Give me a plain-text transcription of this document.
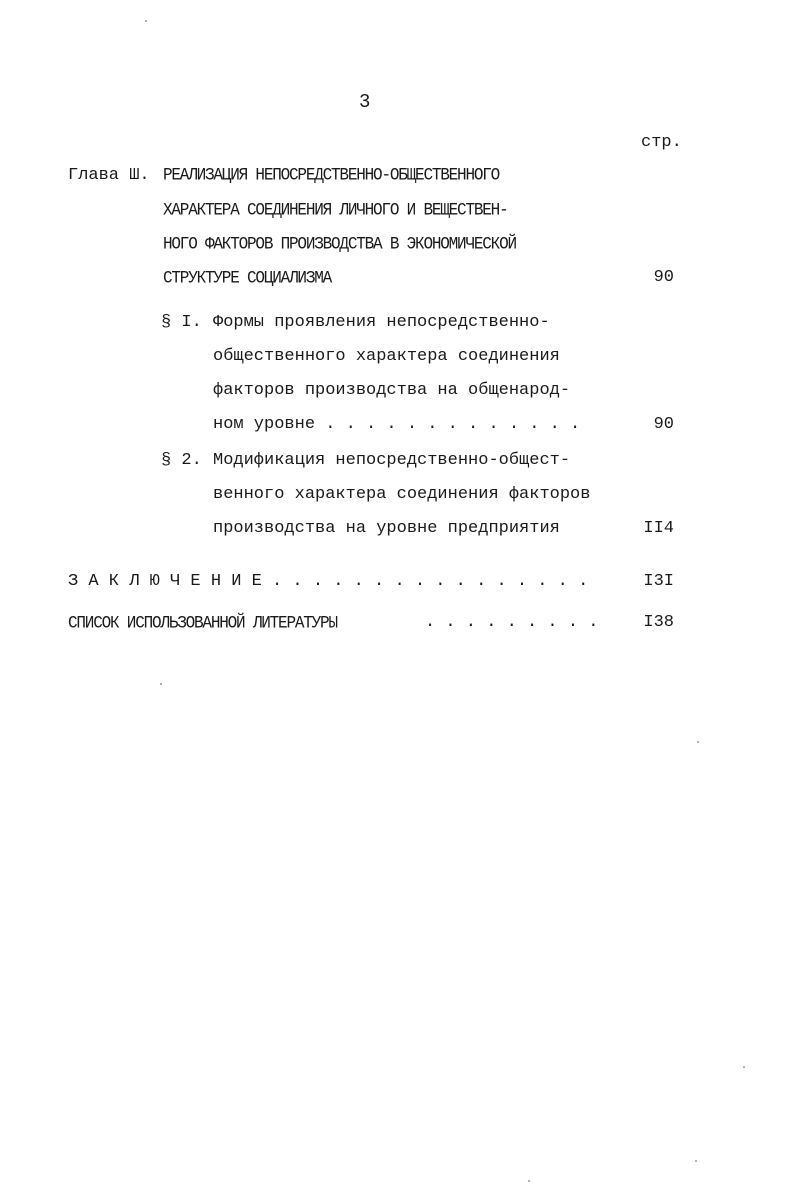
3
стр.
Глава Ш. РЕАЛИЗАЦИЯ НЕПОСРЕДСТВЕННО-ОБЩЕСТВЕННОГО
ХАРАКТЕРА СОЕДИНЕНИЯ ЛИЧНОГО И ВЕЩЕСТВЕН-
НОГО ФАКТОРОВ ПРОИЗВОДСТВА В ЭКОНОМИЧЕСКОЙ
СТРУКТУРЕ СОЦИАЛИЗМА	90
§ I. Формы проявления непосредственно-
общественного характера соединения
факторов производства на общенарод-
ном уровне . . . . . . . . . . . . .	90
§ 2. Модификация непосредственно-общест-
венного характера соединения факторов
производства на уровне предприятия	II4
З А К Л Ю Ч Е Н И Е . . . . . . . . . . . . . . . .	I3I
СПИСОК ИСПОЛЬЗОВАННОЙ ЛИТЕРАТУРЫ	. . . . . . . . .	I38
